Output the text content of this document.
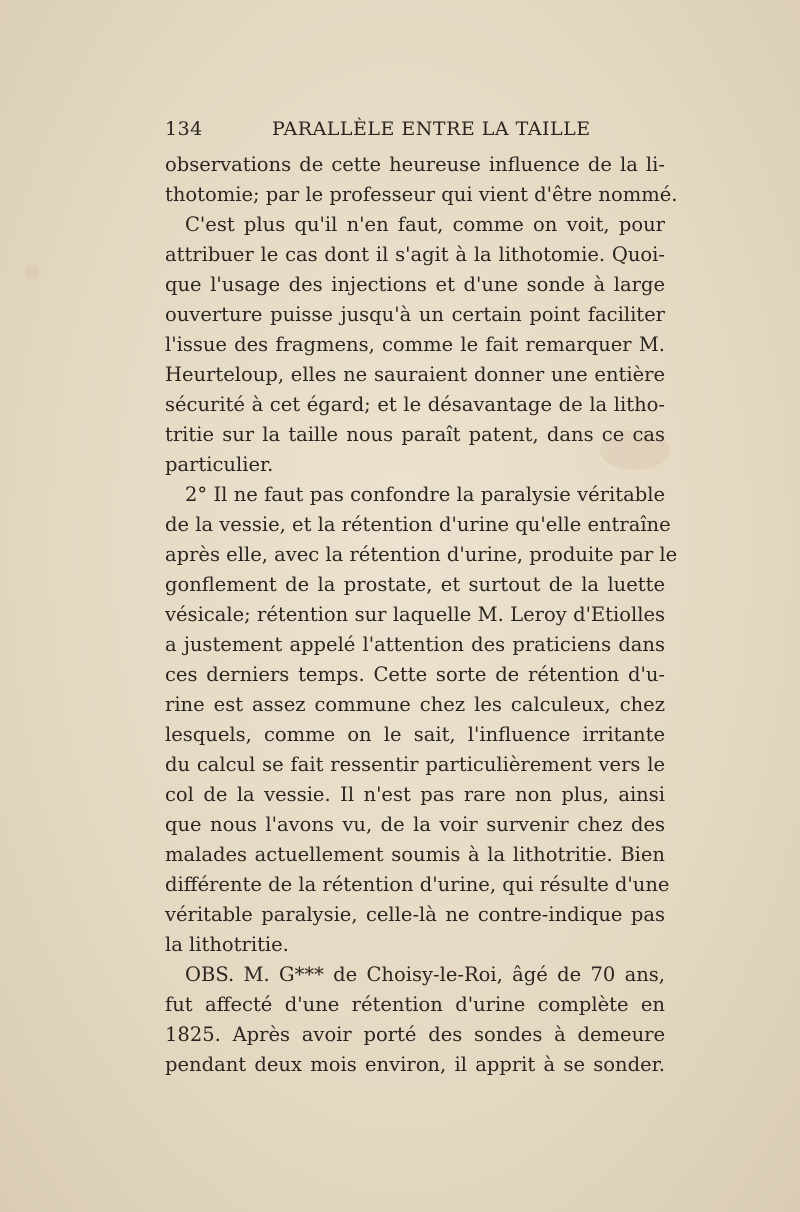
134	PARALLÈLE ENTRE LA TAILLE
observations de cette heureuse influence de la li-
thotomie; par le professeur qui vient d'être nommé.
C'est plus qu'il n'en faut, comme on voit, pour
attribuer le cas dont il s'agit à la lithotomie. Quoi-
que l'usage des injections et d'une sonde à large
ouverture puisse jusqu'à un certain point faciliter
l'issue des fragmens, comme le fait remarquer M.
Heurteloup, elles ne sauraient donner une entière
sécurité à cet égard; et le désavantage de la litho-
tritie sur la taille nous paraît patent, dans ce cas
particulier.
2° Il ne faut pas confondre la paralysie véritable
de la vessie, et la rétention d'urine qu'elle entraîne
après elle, avec la rétention d'urine, produite par le
gonflement de la prostate, et surtout de la luette
vésicale; rétention sur laquelle M. Leroy d'Etiolles
a justement appelé l'attention des praticiens dans
ces derniers temps. Cette sorte de rétention d'u-
rine est assez commune chez les calculeux, chez
lesquels, comme on le sait, l'influence irritante
du calcul se fait ressentir particulièrement vers le
col de la vessie. Il n'est pas rare non plus, ainsi
que nous l'avons vu, de la voir survenir chez des
malades actuellement soumis à la lithotritie. Bien
différente de la rétention d'urine, qui résulte d'une
véritable paralysie, celle-là ne contre-indique pas
la lithotritie.
OBS. M. G*** de Choisy-le-Roi, âgé de 70 ans,
fut affecté d'une rétention d'urine complète en
1825. Après avoir porté des sondes à demeure
pendant deux mois environ, il apprit à se sonder.
